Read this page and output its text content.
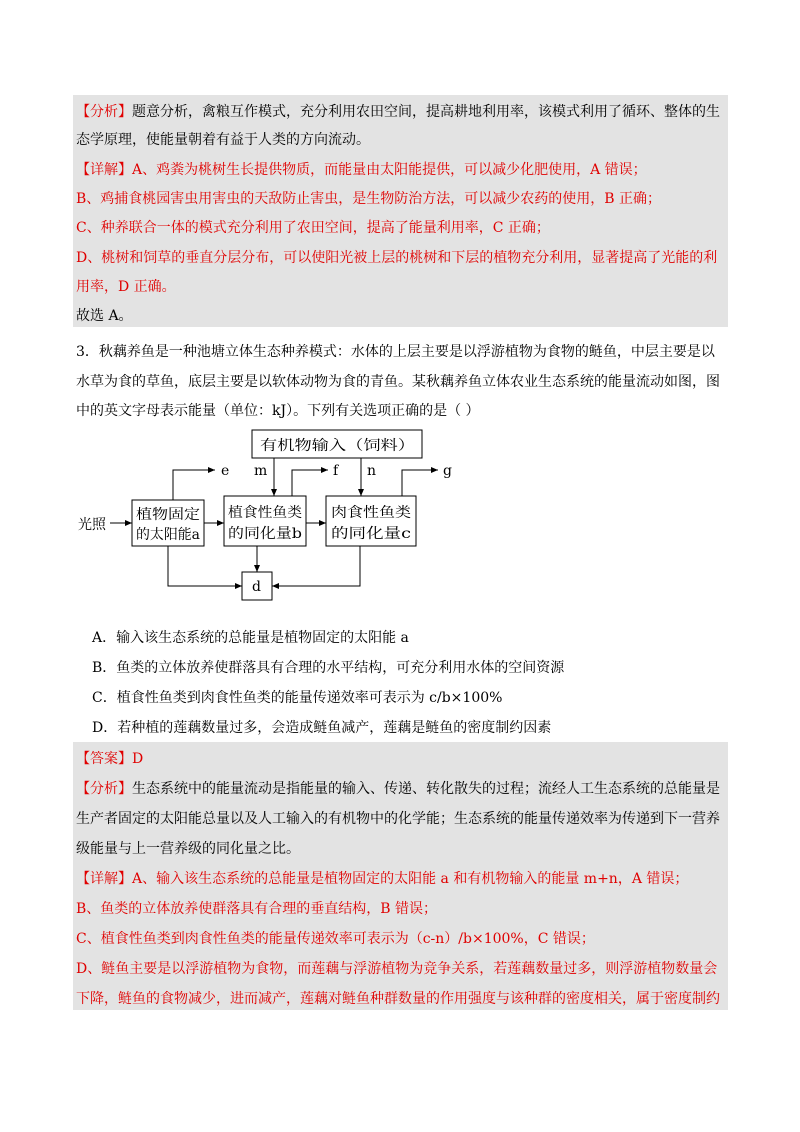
【分析】题意分析，禽粮互作模式，充分利用农田空间，提高耕地利用率，该模式利用了循环、整体的生
态学原理，使能量朝着有益于人类的方向流动。
【详解】A、鸡粪为桃树生长提供物质，而能量由太阳能提供，可以减少化肥使用，A 错误；
B、鸡捕食桃园害虫用害虫的天敌防止害虫，是生物防治方法，可以减少农药的使用，B 正确；
C、种养联合一体的模式充分利用了农田空间，提高了能量利用率，C 正确；
D、桃树和饲草的垂直分层分布，可以使阳光被上层的桃树和下层的植物充分利用，显著提高了光能的利
用率，D 正确。
故选 A。
3．秋藕养鱼是一种池塘立体生态种养模式：水体的上层主要是以浮游植物为食物的鲢鱼，中层主要是以
水草为食的草鱼，底层主要是以软体动物为食的青鱼。某秋藕养鱼立体农业生态系统的能量流动如图，图
中的英文字母表示能量（单位：kJ）。下列有关选项正确的是（ ）
有机物输入（饲料）
光照
植物固定
的太阳能a
植食性鱼类
的同化量b
肉食性鱼类
的同化量c
e m	f n	g
d
A．输入该生态系统的总能量是植物固定的太阳能 a
B．鱼类的立体放养使群落具有合理的水平结构，可充分利用水体的空间资源
C．植食性鱼类到肉食性鱼类的能量传递效率可表示为 c/b×100%
D．若种植的莲藕数量过多，会造成鲢鱼减产，莲藕是鲢鱼的密度制约因素
【答案】D
【分析】生态系统中的能量流动是指能量的输入、传递、转化散失的过程；流经人工生态系统的总能量是
生产者固定的太阳能总量以及人工输入的有机物中的化学能；生态系统的能量传递效率为传递到下一营养
级能量与上一营养级的同化量之比。
【详解】A、输入该生态系统的总能量是植物固定的太阳能 a 和有机物输入的能量 m+n，A 错误；
B、鱼类的立体放养使群落具有合理的垂直结构，B 错误；
C、植食性鱼类到肉食性鱼类的能量传递效率可表示为（c-n）/b×100%，C 错误；
D、鲢鱼主要是以浮游植物为食物，而莲藕与浮游植物为竞争关系，若莲藕数量过多，则浮游植物数量会
下降，鲢鱼的食物减少，进而减产，莲藕对鲢鱼种群数量的作用强度与该种群的密度相关，属于密度制约
